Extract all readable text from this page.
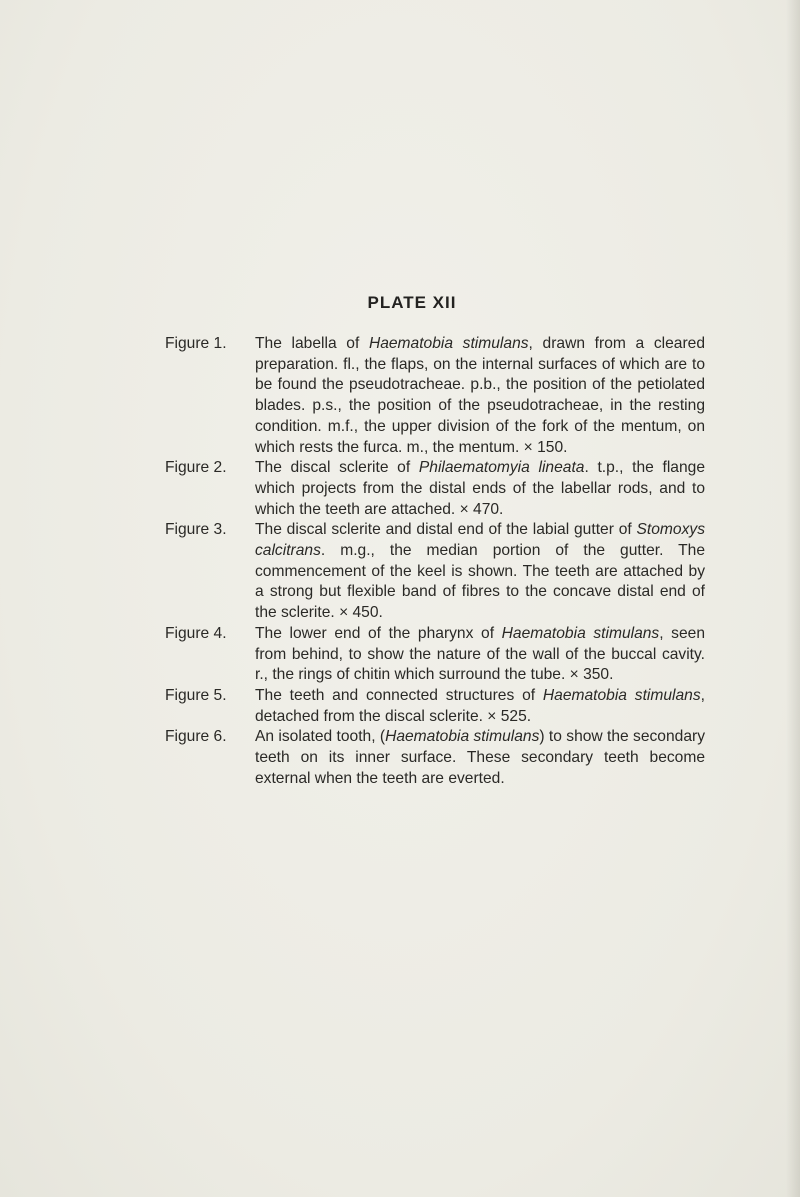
PLATE XII
Figure 1.	The labella of Haematobia stimulans, drawn from a cleared preparation. fl., the flaps, on the internal surfaces of which are to be found the pseudotracheae. p.b., the position of the petiolated blades. p.s., the position of the pseudotracheae, in the resting condition. m.f., the upper division of the fork of the mentum, on which rests the furca. m., the mentum. × 150.
Figure 2.	The discal sclerite of Philaematomyia lineata. t.p., the flange which projects from the distal ends of the labellar rods, and to which the teeth are attached. × 470.
Figure 3.	The discal sclerite and distal end of the labial gutter of Stomoxys calcitrans. m.g., the median portion of the gutter. The commencement of the keel is shown. The teeth are attached by a strong but flexible band of fibres to the concave distal end of the sclerite. × 450.
Figure 4.	The lower end of the pharynx of Haematobia stimulans, seen from behind, to show the nature of the wall of the buccal cavity. r., the rings of chitin which surround the tube. × 350.
Figure 5.	The teeth and connected structures of Haematobia stimulans, detached from the discal sclerite. × 525.
Figure 6.	An isolated tooth, (Haematobia stimulans) to show the secondary teeth on its inner surface. These secondary teeth become external when the teeth are everted.
